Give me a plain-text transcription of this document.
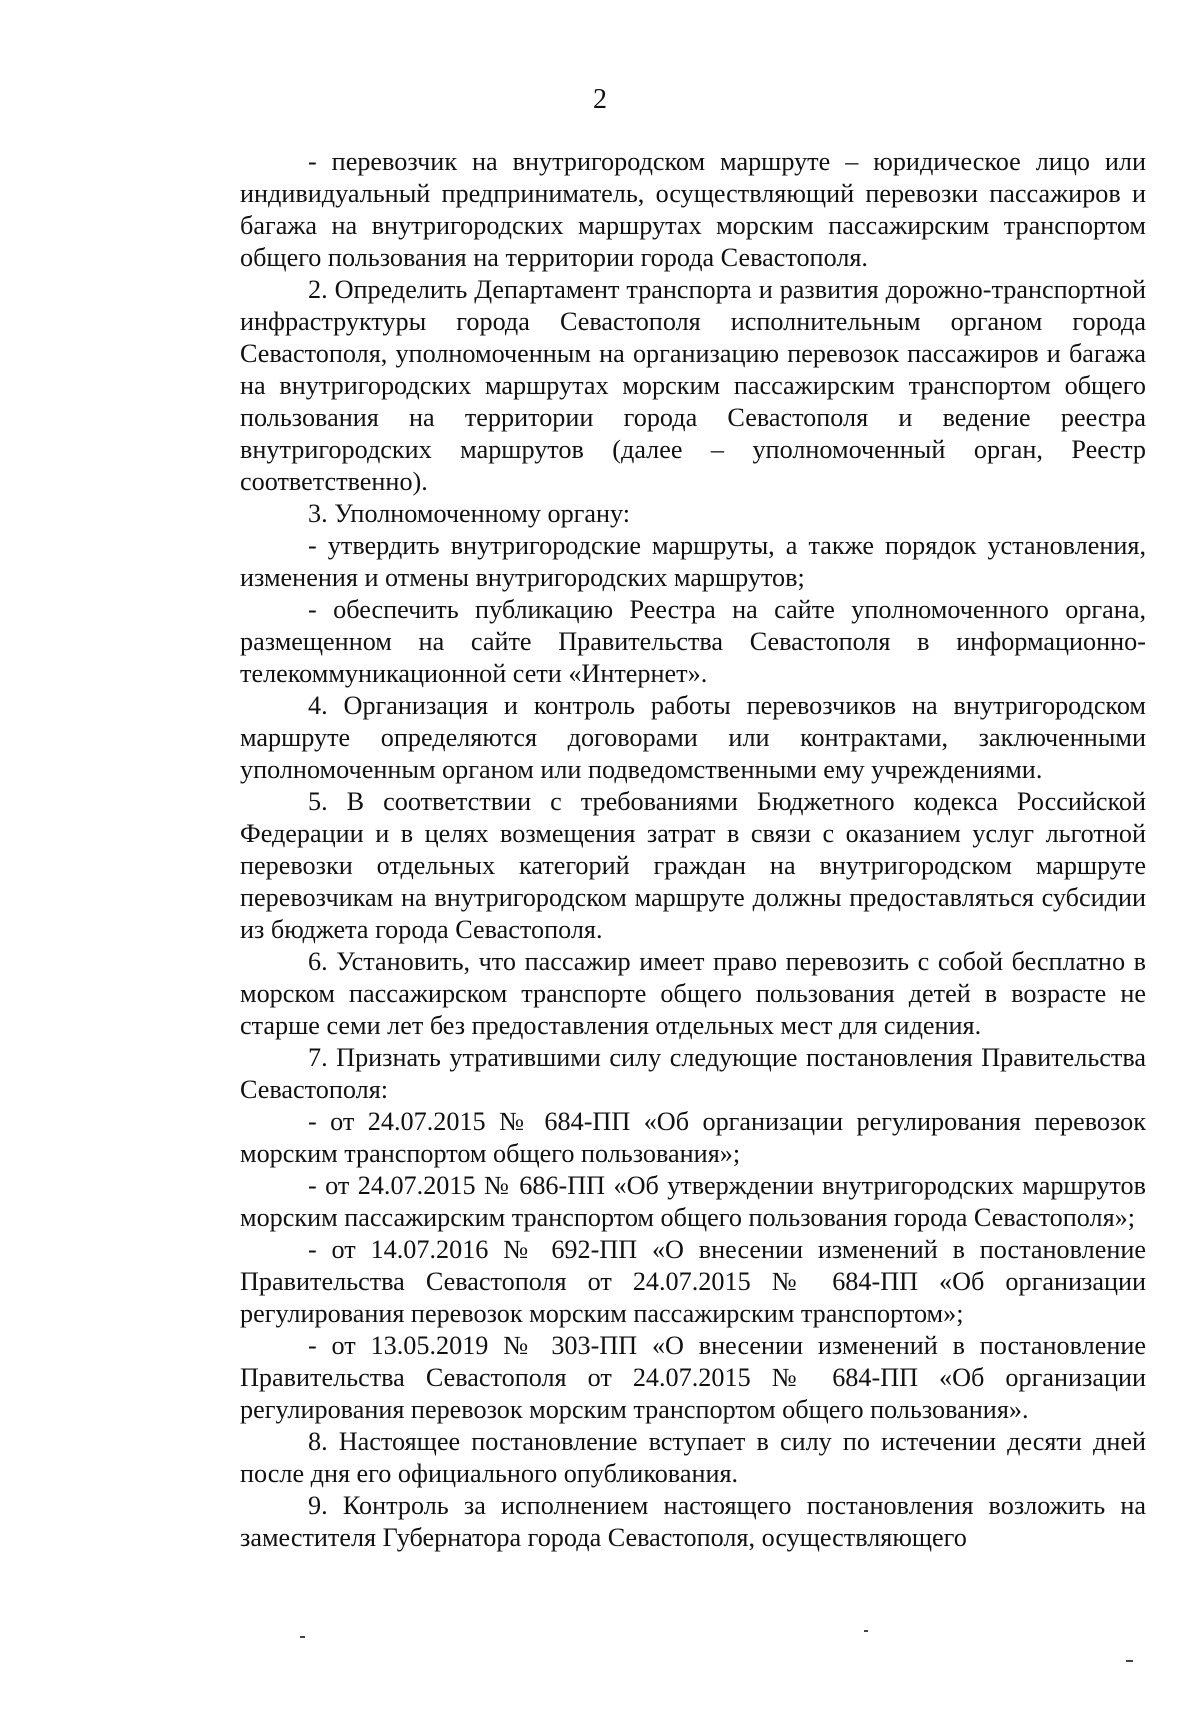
2

- перевозчик на внутригородском маршруте – юридическое лицо или индивидуальный предприниматель, осуществляющий перевозки пассажиров и багажа на внутригородских маршрутах морским пассажирским транспортом общего пользования на территории города Севастополя.

2. Определить Департамент транспорта и развития дорожно-транспортной инфраструктуры города Севастополя исполнительным органом города Севастополя, уполномоченным на организацию перевозок пассажиров и багажа на внутригородских маршрутах морским пассажирским транспортом общего пользования на территории города Севастополя и ведение реестра внутригородских маршрутов (далее – уполномоченный орган, Реестр соответственно).

3. Уполномоченному органу:

- утвердить внутригородские маршруты, а также порядок установления, изменения и отмены внутригородских маршрутов;

- обеспечить публикацию Реестра на сайте уполномоченного органа, размещенном на сайте Правительства Севастополя в информационно-телекоммуникационной сети «Интернет».

4. Организация и контроль работы перевозчиков на внутригородском маршруте определяются договорами или контрактами, заключенными уполномоченным органом или подведомственными ему учреждениями.

5. В соответствии с требованиями Бюджетного кодекса Российской Федерации и в целях возмещения затрат в связи с оказанием услуг льготной перевозки отдельных категорий граждан на внутригородском маршруте перевозчикам на внутригородском маршруте должны предоставляться субсидии из бюджета города Севастополя.

6. Установить, что пассажир имеет право перевозить с собой бесплатно в морском пассажирском транспорте общего пользования детей в возрасте не старше семи лет без предоставления отдельных мест для сидения.

7. Признать утратившими силу следующие постановления Правительства Севастополя:

- от 24.07.2015 № 684-ПП «Об организации регулирования перевозок морским транспортом общего пользования»;

- от 24.07.2015 № 686-ПП «Об утверждении внутригородских маршрутов морским пассажирским транспортом общего пользования города Севастополя»;

- от 14.07.2016 № 692-ПП «О внесении изменений в постановление Правительства Севастополя от 24.07.2015 № 684-ПП «Об организации регулирования перевозок морским пассажирским транспортом»;

- от 13.05.2019 № 303-ПП «О внесении изменений в постановление Правительства Севастополя от 24.07.2015 № 684-ПП «Об организации регулирования перевозок морским транспортом общего пользования».

8. Настоящее постановление вступает в силу по истечении десяти дней после дня его официального опубликования.

9. Контроль за исполнением настоящего постановления возложить на заместителя Губернатора города Севастополя, осуществляющего
